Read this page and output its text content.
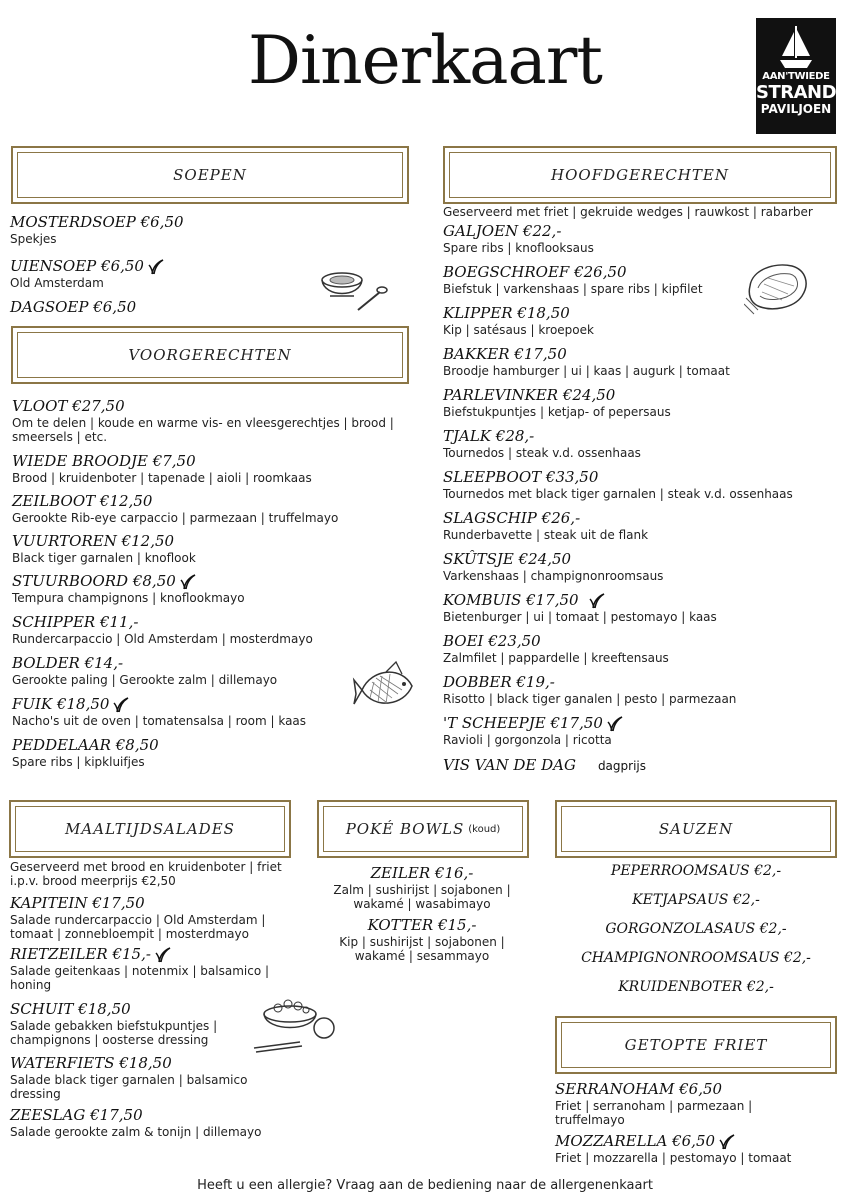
Dinerkaart	AAN'TWIEDE
STRAND
PAVILJOEN
SOEPEN
MOSTERDSOEP €6,50
Spekjes
UIENSOEP €6,50
Old Amsterdam
DAGSOEP €6,50
VOORGERECHTEN
VLOOT €27,50
Om te delen | koude en warme vis- en vleesgerechtjes | brood | smeersels | etc.
WIEDE BROODJE €7,50
Brood | kruidenboter | tapenade | aioli | roomkaas
ZEILBOOT €12,50
Gerookte Rib-eye carpaccio | parmezaan | truffelmayo
VUURTOREN €12,50
Black tiger garnalen | knoflook
STUURBOORD €8,50
Tempura champignons | knoflookmayo
SCHIPPER €11,-
Rundercarpaccio | Old Amsterdam | mosterdmayo
BOLDER €14,-
Gerookte paling | Gerookte zalm | dillemayo
FUIK €18,50
Nacho's uit de oven | tomatensalsa | room | kaas
PEDDELAAR €8,50
Spare ribs | kipkluifjes
HOOFDGERECHTEN
Geserveerd met friet | gekruide wedges | rauwkost | rabarber
GALJOEN €22,-
Spare ribs | knoflooksaus
BOEGSCHROEF €26,50
Biefstuk | varkenshaas | spare ribs | kipfilet
KLIPPER €18,50
Kip | satésaus | kroepoek
BAKKER €17,50
Broodje hamburger | ui | kaas | augurk | tomaat
PARLEVINKER €24,50
Biefstukpuntjes | ketjap- of pepersaus
TJALK €28,-
Tournedos | steak v.d. ossenhaas
SLEEPBOOT €33,50
Tournedos met black tiger garnalen | steak v.d. ossenhaas
SLAGSCHIP €26,-
Runderbavette | steak uit de flank
SKÛTSJE €24,50
Varkenshaas | champignonroomsaus
KOMBUIS €17,50
Bietenburger | ui | tomaat | pestomayo | kaas
BOEI €23,50
Zalmfilet | pappardelle | kreeftensaus
DOBBER €19,-
Risotto | black tiger ganalen | pesto | parmezaan
'T SCHEEPJE €17,50
Ravioli | gorgonzola | ricotta
VIS VAN DE DAG dagprijs
MAALTIJDSALADES
Geserveerd met brood en kruidenboter | friet i.p.v. brood meerprijs €2,50
KAPITEIN €17,50
Salade rundercarpaccio | Old Amsterdam | tomaat | zonnebloempit | mosterdmayo
RIETZEILER €15,-
Salade geitenkaas | notenmix | balsamico | honing
SCHUIT €18,50
Salade gebakken biefstukpuntjes | champignons | oosterse dressing
WATERFIETS €18,50
Salade black tiger garnalen | balsamico dressing
ZEESLAG €17,50
Salade gerookte zalm & tonijn | dillemayo
POKÉ BOWLS (koud)
ZEILER €16,-
Zalm | sushirijst | sojabonen | wakamé | wasabimayo
KOTTER €15,-
Kip | sushirijst | sojabonen | wakamé | sesammayo
SAUZEN
PEPERROOMSAUS €2,-
KETJAPSAUS €2,-
GORGONZOLASAUS €2,-
CHAMPIGNONROOMSAUS €2,-
KRUIDENBOTER €2,-
GETOPTE FRIET
SERRANOHAM €6,50
Friet | serranoham | parmezaan | truffelmayo
MOZZARELLA €6,50
Friet | mozzarella | pestomayo | tomaat
Heeft u een allergie? Vraag aan de bediening naar de allergenenkaart
